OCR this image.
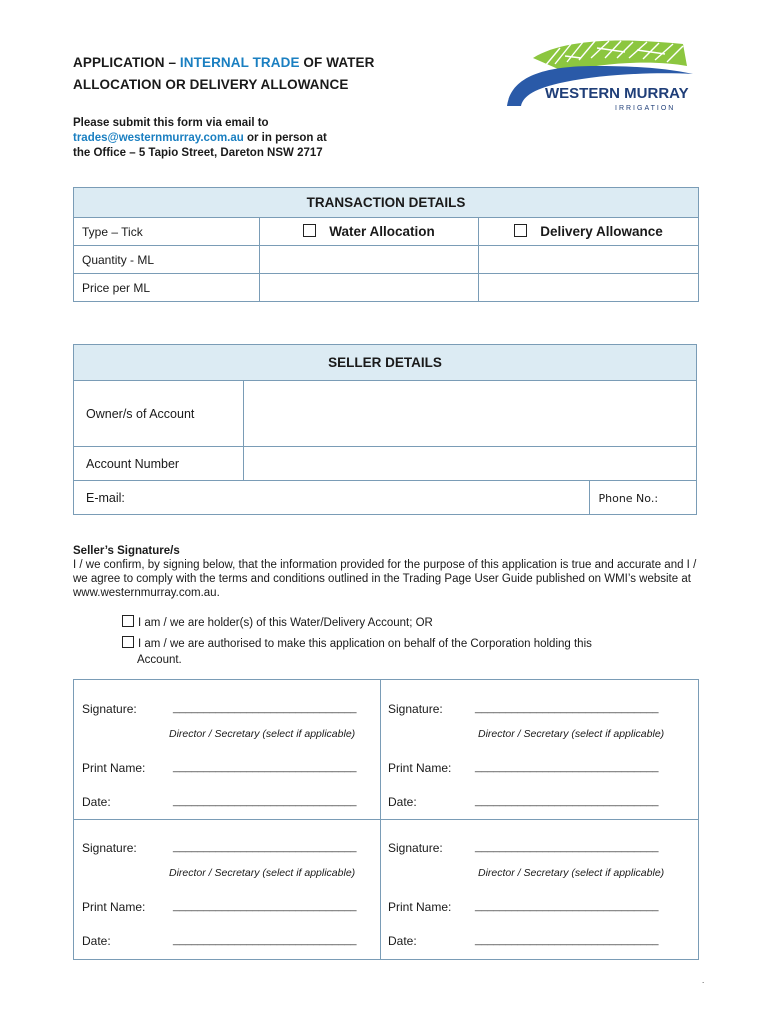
APPLICATION – INTERNAL TRADE OF WATER
ALLOCATION OR DELIVERY ALLOWANCE
Please submit this form via email to
trades@westernmurray.com.au or in person at
the Office – 5 Tapio Street, Dareton NSW 2717
WESTERN MURRAY
IRRIGATION
TRANSACTION DETAILS		
Type – Tick	Water Allocation	Delivery Allowance
Quantity - ML		
Price per ML		
SELLER DETAILS		
Owner/s of Account		
Account Number		
E-mail:		Phone No.:
Seller’s Signature/s
I / we confirm, by signing below, that the information provided for the purpose of this application is true and accurate and I / we agree to comply with the terms and conditions outlined in the Trading Page User Guide published on WMI’s website at www.westernmurray.com.au.
I am / we are holder(s) of this Water/Delivery Account; OR
I am / we are authorised to make this application on behalf of the Corporation holding this
Account.
Signature:	______________________________
Director / Secretary (select if applicable)
Print Name:	______________________________
Date:	______________________________
Signature:	______________________________
Director / Secretary (select if applicable)
Print Name: ______________________________
Date:	______________________________
Signature:	______________________________
Director / Secretary (select if applicable)
Print Name:	______________________________
Date:	______________________________
Signature:	______________________________
Director / Secretary (select if applicable)
Print Name: ______________________________
Date:	______________________________
.
